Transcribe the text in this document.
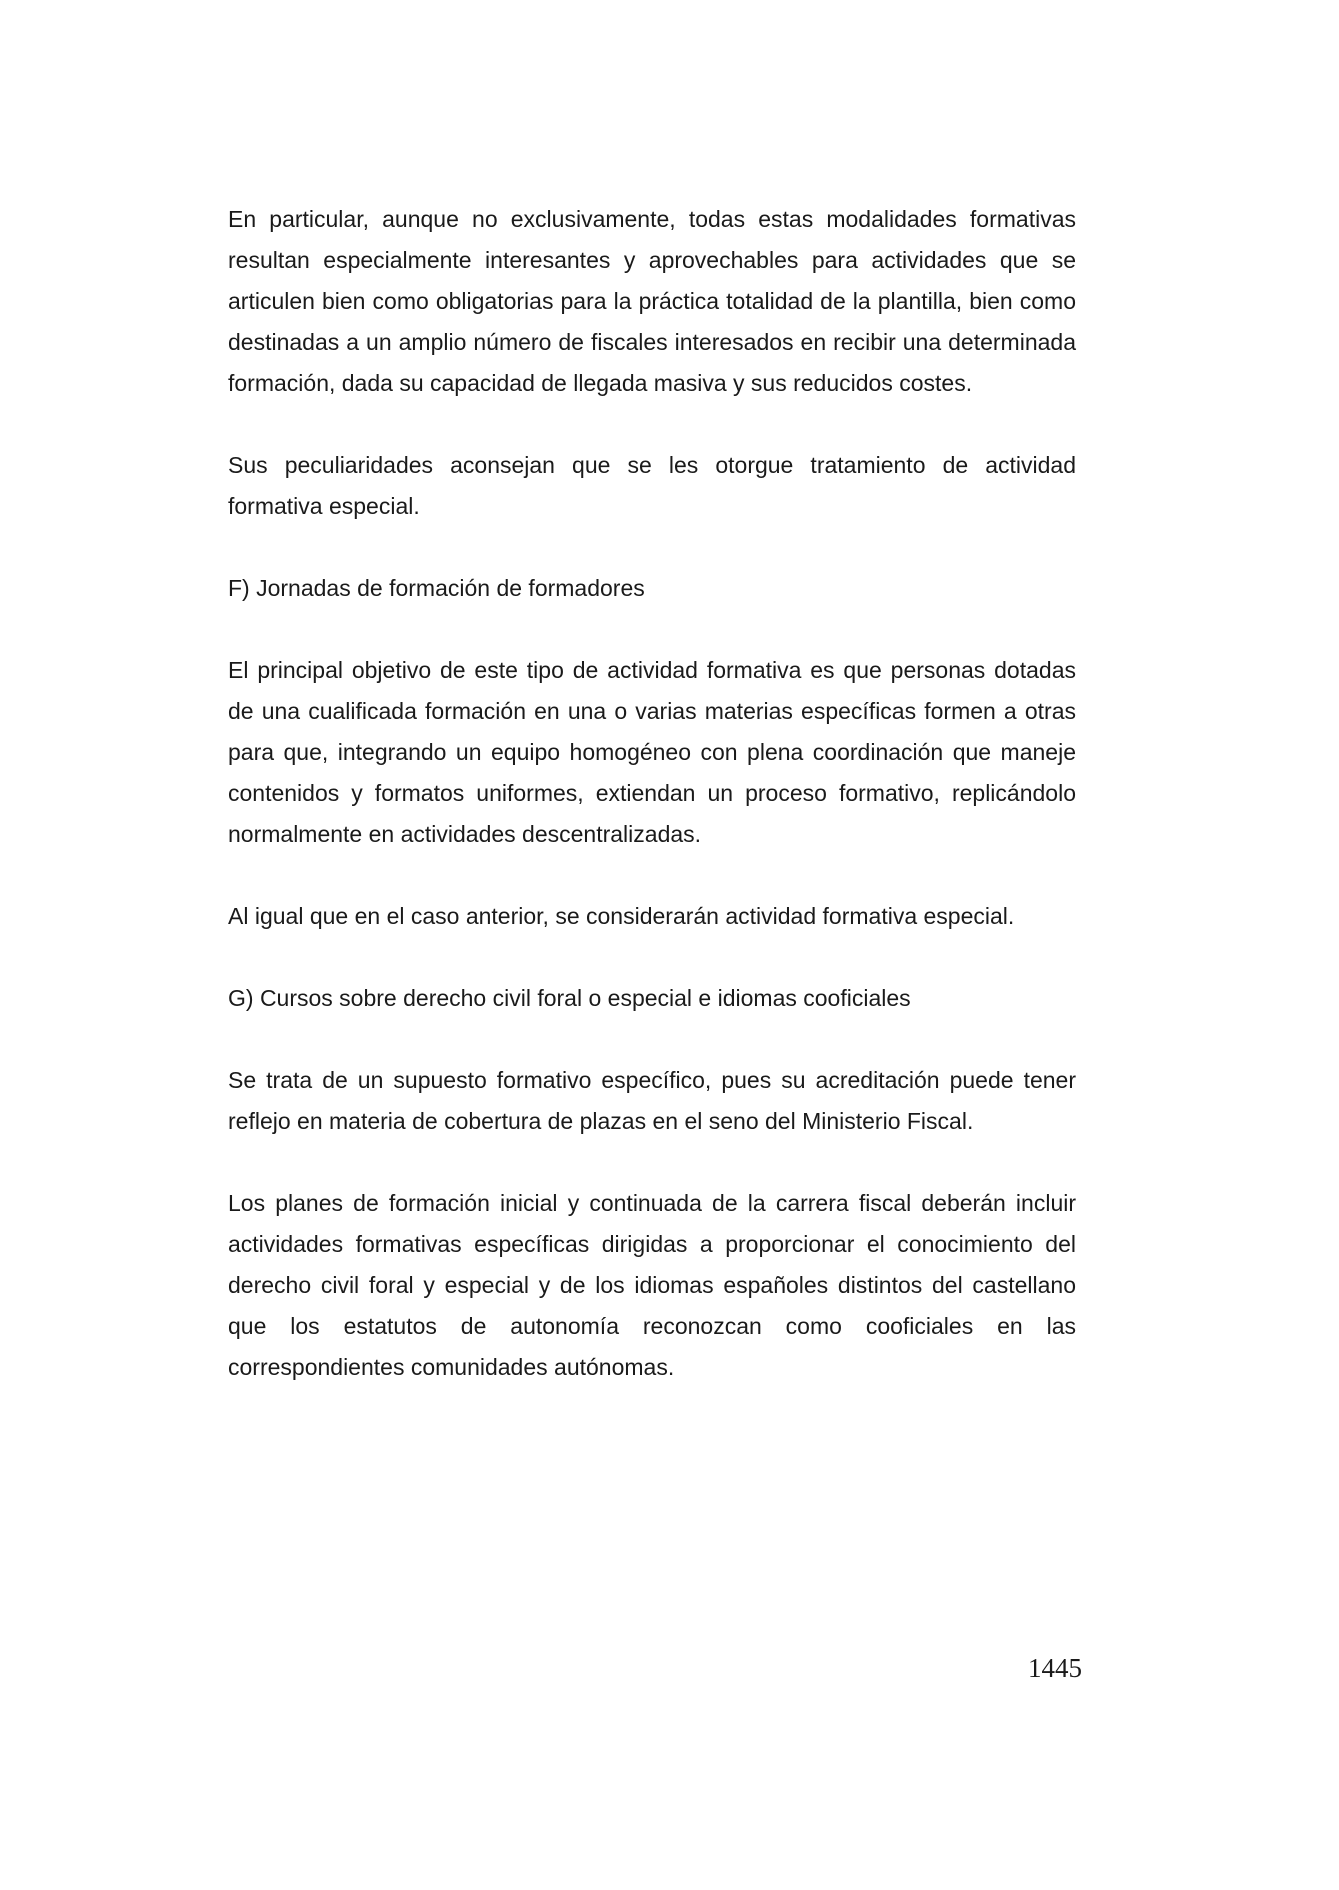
En particular, aunque no exclusivamente, todas estas modalidades formativas resultan especialmente interesantes y aprovechables para actividades que se articulen bien como obligatorias para la práctica totalidad de la plantilla, bien como destinadas a un amplio número de fiscales interesados en recibir una determinada formación, dada su capacidad de llegada masiva y sus reducidos costes.

Sus peculiaridades aconsejan que se les otorgue tratamiento de actividad formativa especial.

F) Jornadas de formación de formadores

El principal objetivo de este tipo de actividad formativa es que personas dotadas de una cualificada formación en una o varias materias específicas formen a otras para que, integrando un equipo homogéneo con plena coordinación que maneje contenidos y formatos uniformes, extiendan un proceso formativo, replicándolo normalmente en actividades descentralizadas.

Al igual que en el caso anterior, se considerarán actividad formativa especial.

G) Cursos sobre derecho civil foral o especial e idiomas cooficiales

Se trata de un supuesto formativo específico, pues su acreditación puede tener reflejo en materia de cobertura de plazas en el seno del Ministerio Fiscal.

Los planes de formación inicial y continuada de la carrera fiscal deberán incluir actividades formativas específicas dirigidas a proporcionar el conocimiento del derecho civil foral y especial y de los idiomas españoles distintos del castellano que los estatutos de autonomía reconozcan como cooficiales en las correspondientes comunidades autónomas.

1445
